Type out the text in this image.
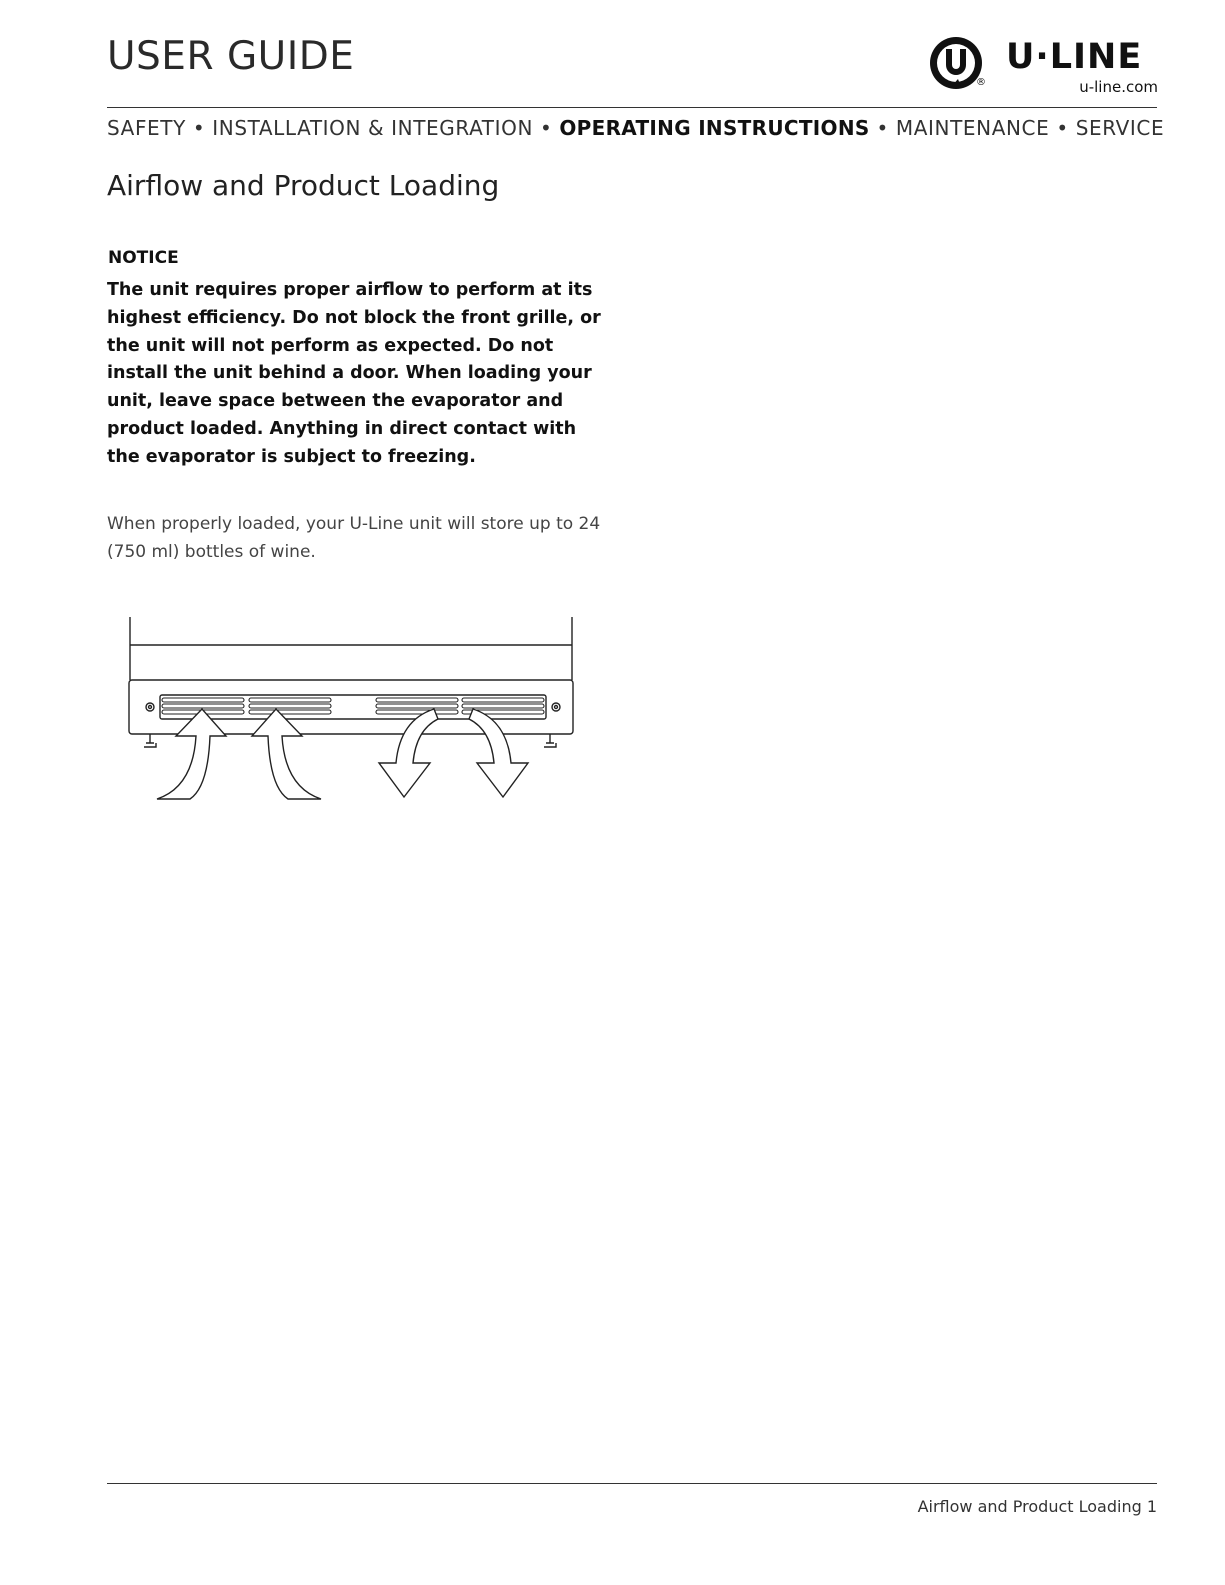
USER GUIDE
®
U·LINE
u-line.com
SAFETY • INSTALLATION & INTEGRATION • OPERATING INSTRUCTIONS • MAINTENANCE • SERVICE
Airflow and Product Loading
NOTICE

The unit requires proper airflow to perform at its highest efficiency. Do not block the front grille, or the unit will not perform as expected. Do not install the unit behind a door. When loading your unit, leave space between the evaporator and product loaded. Anything in direct contact with the evaporator is subject to freezing.

When properly loaded, your U-Line unit will store up to 24 (750 ml) bottles of wine.

Airflow and Product Loading 1
